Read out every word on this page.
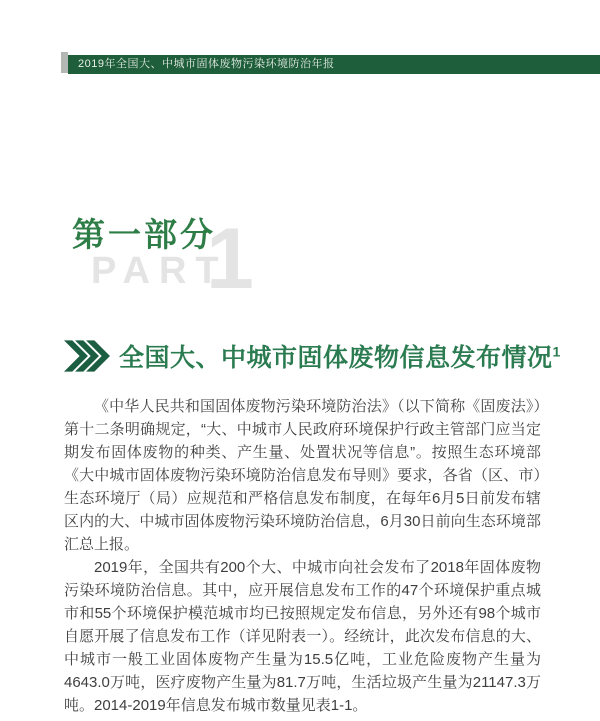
2019年全国大、中城市固体废物污染环境防治年报
第一部分
PART
1
全国大、中城市固体废物信息发布情况$^1$

《中华人民共和国固体废物污染环境防治法》（以下简称《固废法》）第十二条明确规定，“大、中城市人民政府环境保护行政主管部门应当定期发布固体废物的种类、产生量、处置状况等信息”。按照生态环境部《大中城市固体废物污染环境防治信息发布导则》要求，各省（区、市）生态环境厅（局）应规范和严格信息发布制度，在每年6月5日前发布辖区内的大、中城市固体废物污染环境防治信息，6月30日前向生态环境部汇总上报。

2019年，全国共有200个大、中城市向社会发布了2018年固体废物污染环境防治信息。其中，应开展信息发布工作的47个环境保护重点城市和55个环境保护模范城市均已按照规定发布信息，另外还有98个城市自愿开展了信息发布工作（详见附表一）。经统计，此次发布信息的大、中城市一般工业固体废物产生量为15.5亿吨，工业危险废物产生量为4643.0万吨，医疗废物产生量为81.7万吨，生活垃圾产生量为21147.3万吨。2014-2019年信息发布城市数量见表1-1。
